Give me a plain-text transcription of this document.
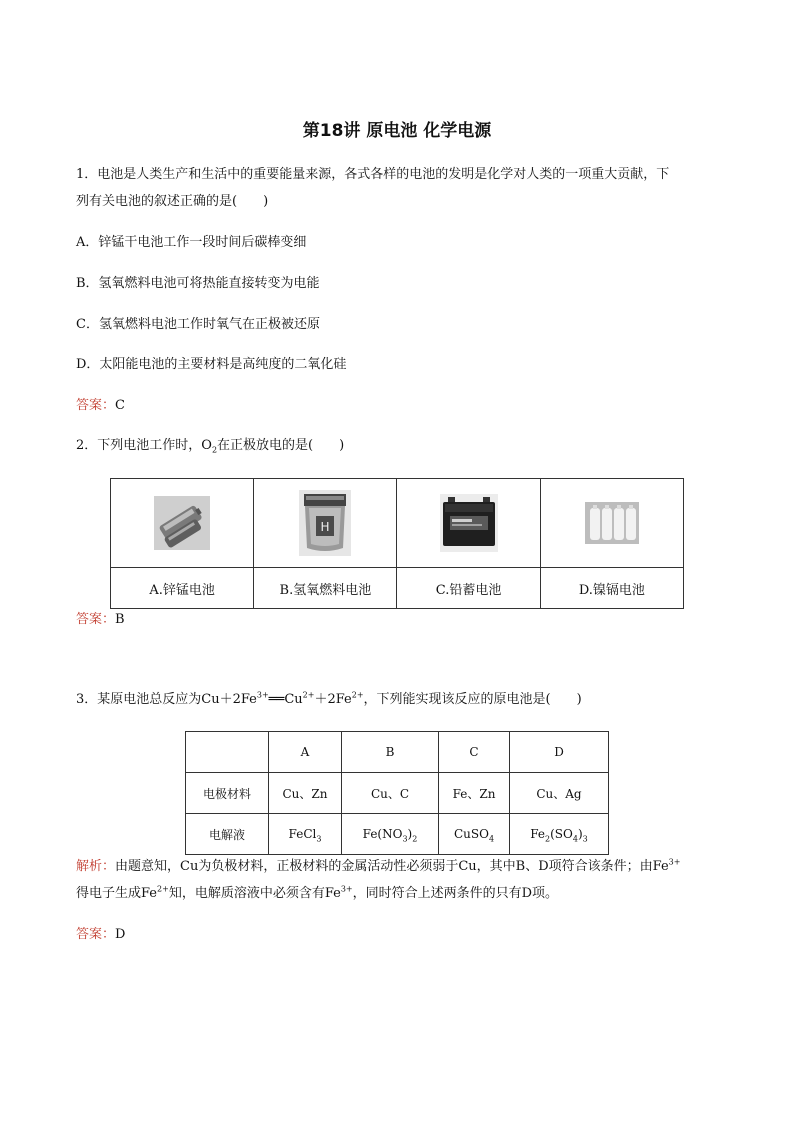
第18讲 原电池 化学电源
1．电池是人类生产和生活中的重要能量来源，各式各样的电池的发明是化学对人类的一项重大贡献，下
列有关电池的叙述正确的是(　　)
A．锌锰干电池工作一段时间后碳棒变细
B．氢氧燃料电池可将热能直接转变为电能
C．氢氧燃料电池工作时氧气在正极被还原
D．太阳能电池的主要材料是高纯度的二氧化硅
答案：C
2．下列电池工作时，$O_2$在正极放电的是(　　)

H

A.锌锰电池	B.氢氧燃料电池	C.铅蓄电池	D.镍镉电池
答案：B
3．某原电池总反应为$Cu+2Fe^{3+}══Cu^{2+}+2Fe^{2+}$，下列能实现该反应的原电池是(　　)
	A	B	C	D
电极材料	Cu、Zn	Cu、C	Fe、Zn	Cu、Ag
电解液	FeCl$_3$	$Fe(NO_3)_2$	CuSO$_4$	$Fe_2(SO_4)_3$
解析：由题意知，Cu为负极材料，正极材料的金属活动性必须弱于Cu，其中B、D项符合该条件；由$Fe^{3+}$
得电子生成$Fe^{2+}$知，电解质溶液中必须含有$Fe^{3+}$，同时符合上述两条件的只有D项。
答案：D
